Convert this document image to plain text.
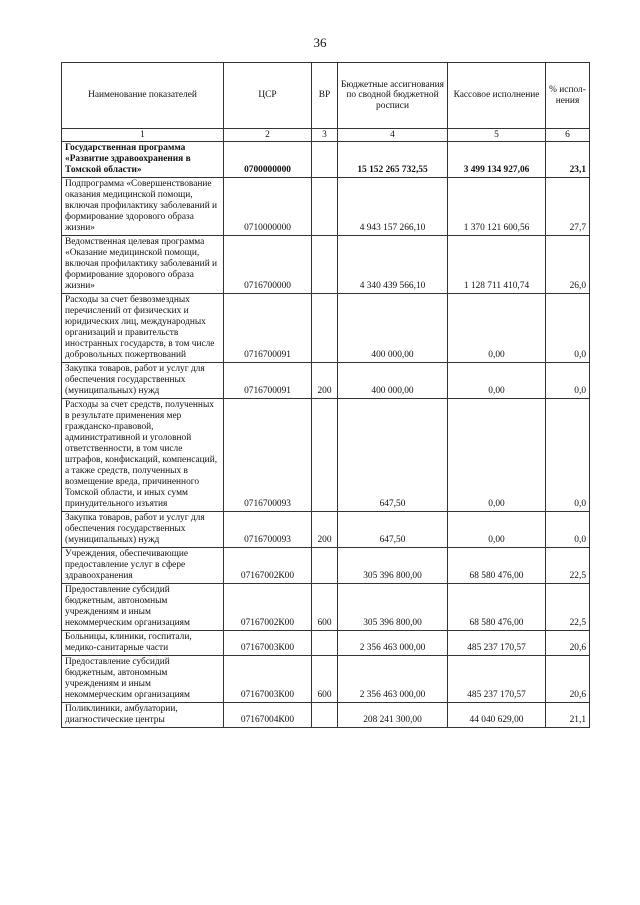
36
Наименование показателей	ЦСР	ВР	Бюджетные ассигнования по сводной бюджетной росписи	Кассовое исполнение	% испол-нения
1	2	3	4	5	6
Государственная программа «Развитие здравоохранения в Томской области»	0700000000		15 152 265 732,55	3 499 134 927,06	23,1
Подпрограмма «Совершенствование оказания медицинской помощи, включая профилактику заболеваний и формирование здорового образа жизни»	0710000000		4 943 157 266,10	1 370 121 600,56	27,7
Ведомственная целевая программа «Оказание медицинской помощи, включая профилактику заболеваний и формирование здорового образа жизни»	0716700000		4 340 439 566,10	1 128 711 410,74	26,0
Расходы за счет безвозмездных перечислений от физических и юридических лиц, международных организаций и правительств иностранных государств, в том числе добровольных пожертвований	0716700091		400 000,00	0,00	0,0
Закупка товаров, работ и услуг для обеспечения государственных (муниципальных) нужд	0716700091	200	400 000,00	0,00	0,0
Расходы за счет средств, полученных в результате применения мер гражданско-правовой, административной и уголовной ответственности, в том числе штрафов, конфискаций, компенсаций, а также средств, полученных в возмещение вреда, причиненного Томской области, и иных сумм принудительного изъятия	0716700093		647,50	0,00	0,0
Закупка товаров, работ и услуг для обеспечения государственных (муниципальных) нужд	0716700093	200	647,50	0,00	0,0
Учреждения, обеспечивающие предоставление услуг в сфере здравоохранения	07167002К00		305 396 800,00	68 580 476,00	22,5
Предоставление субсидий бюджетным, автономным учреждениям и иным некоммерческим организациям	07167002К00	600	305 396 800,00	68 580 476,00	22,5
Больницы, клиники, госпитали, медико-санитарные части	07167003К00		2 356 463 000,00	485 237 170,57	20,6
Предоставление субсидий бюджетным, автономным учреждениям и иным некоммерческим организациям	07167003К00	600	2 356 463 000,00	485 237 170,57	20,6
Поликлиники, амбулатории, диагностические центры	07167004К00		208 241 300,00	44 040 629,00	21,1
